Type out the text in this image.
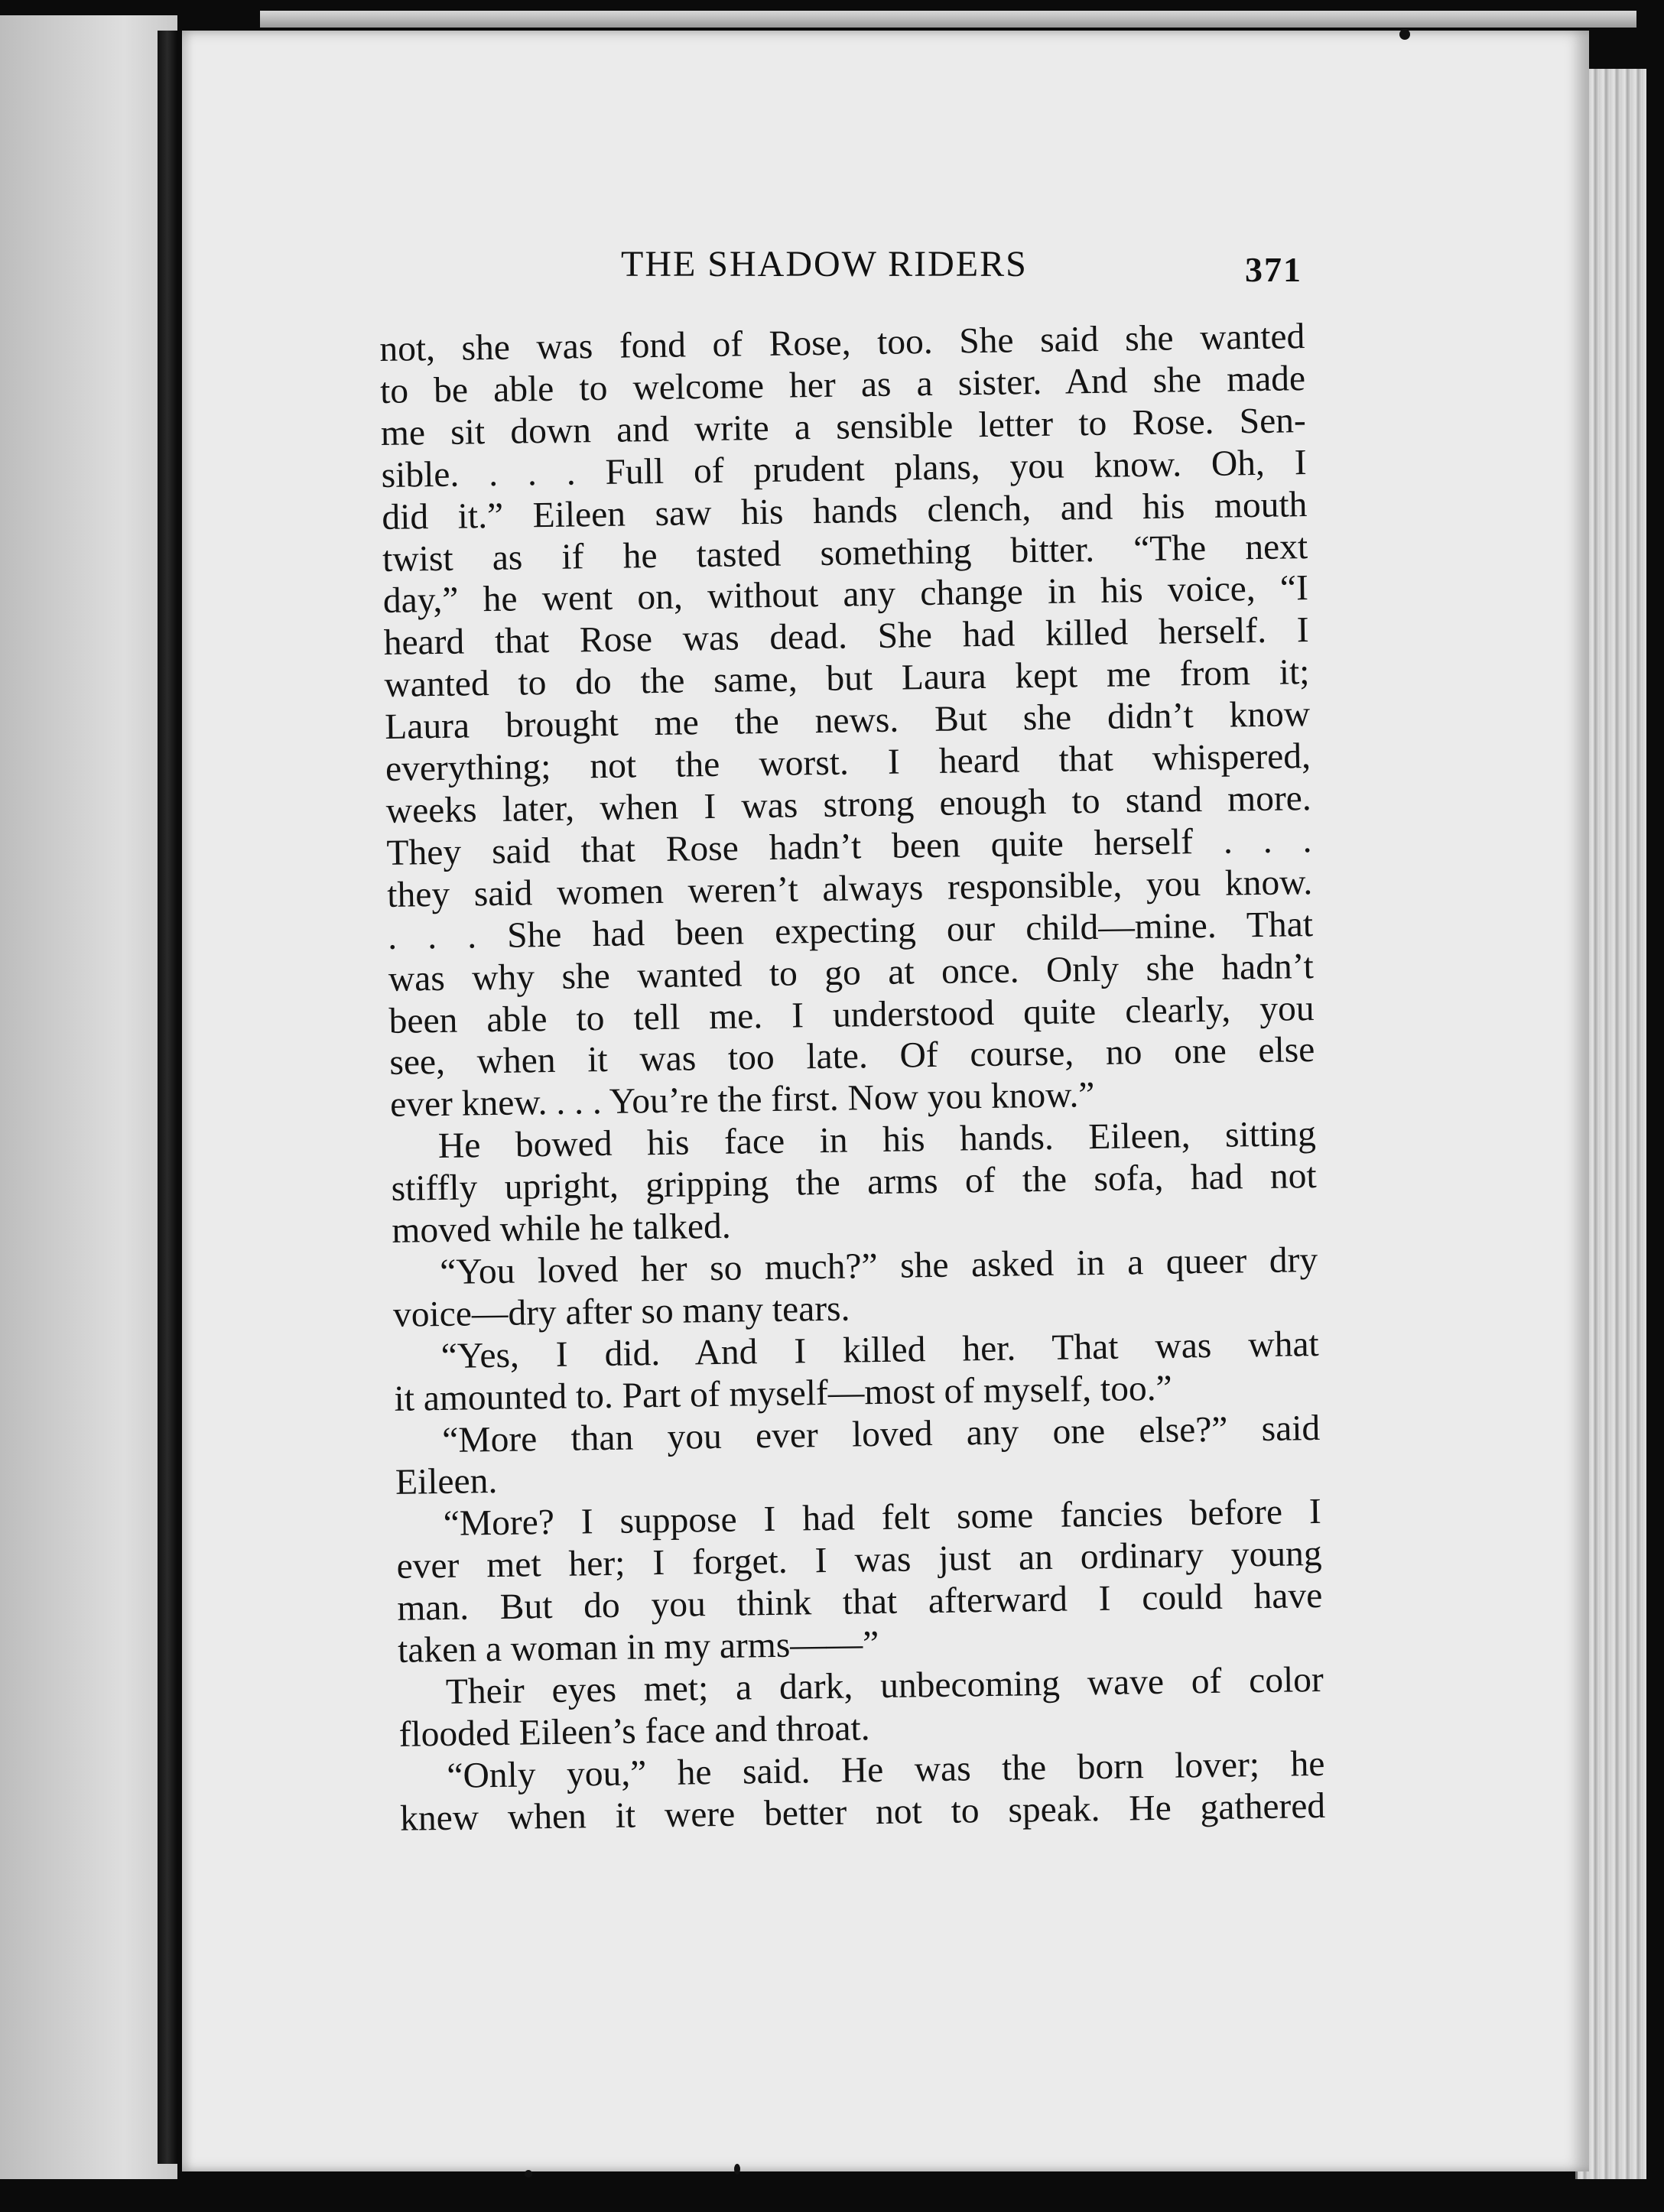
THE SHADOW RIDERS	371
not, she was fond of Rose, too. She said she wanted
to be able to welcome her as a sister. And she made
me sit down and write a sensible letter to Rose. Sen-
sible. . . . Full of prudent plans, you know. Oh, I
did it.” Eileen saw his hands clench, and his mouth
twist as if he tasted something bitter. “The next
day,” he went on, without any change in his voice, “I
heard that Rose was dead. She had killed herself. I
wanted to do the same, but Laura kept me from it;
Laura brought me the news. But she didn’t know
everything; not the worst. I heard that whispered,
weeks later, when I was strong enough to stand more.
They said that Rose hadn’t been quite herself . . .
they said women weren’t always responsible, you know.
. . . She had been expecting our child—mine. That
was why she wanted to go at once. Only she hadn’t
been able to tell me. I understood quite clearly, you
see, when it was too late. Of course, no one else
ever knew. . . . You’re the first. Now you know.”
He bowed his face in his hands. Eileen, sitting
stiffly upright, gripping the arms of the sofa, had not
moved while he talked.
“You loved her so much?” she asked in a queer dry
voice—dry after so many tears.
“Yes, I did. And I killed her. That was what
it amounted to. Part of myself—most of myself, too.”
“More than you ever loved any one else?” said
Eileen.
“More? I suppose I had felt some fancies before I
ever met her; I forget. I was just an ordinary young
man. But do you think that afterward I could have
taken a woman in my arms——”
Their eyes met; a dark, unbecoming wave of color
flooded Eileen’s face and throat.
“Only you,” he said. He was the born lover; he
knew when it were better not to speak. He gathered
